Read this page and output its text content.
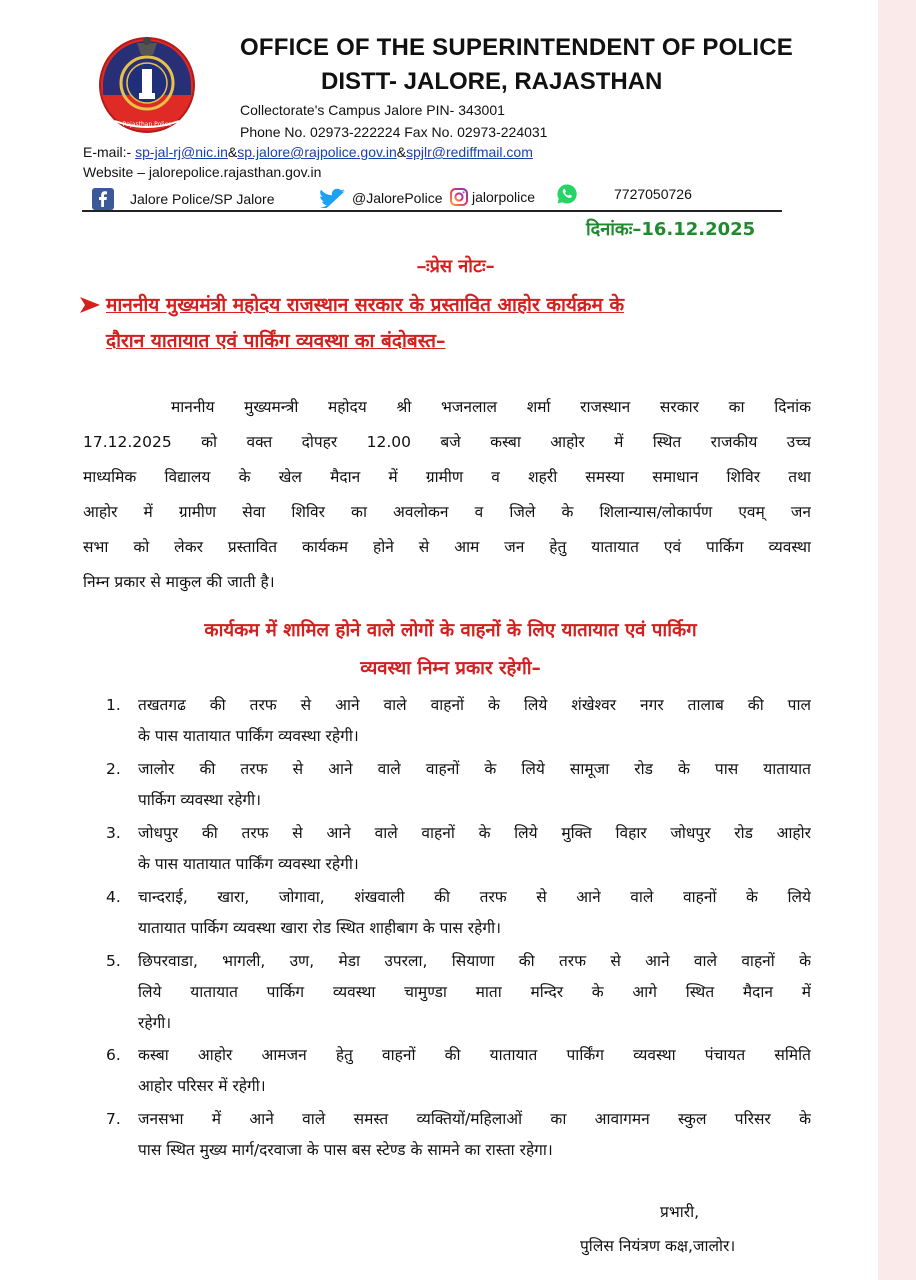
Rajasthan Police
OFFICE OF THE SUPERINTENDENT OF POLICE
DISTT- JALORE, RAJASTHAN
Collectorate's Campus Jalore PIN- 343001
Phone No. 02973-222224 Fax No. 02973-224031
E-mail:- sp-jal-rj@nic.in&sp.jalore@rajpolice.gov.in&spjlr@rediffmail.com
Website – jalorepolice.rajasthan.gov.in
Jalore Police/SP Jalore	@JalorePolice jalorpolice	7727050726
दिनांकः–16.12.2025
–ःप्रेस नोटः–
माननीय मुख्यमंत्री महोदय राजस्थान सरकार के प्रस्तावित आहोर कार्यक्रम के
दौरान यातायात एवं पार्किंग व्यवस्था का बंदोबस्त–
माननीय मुख्यमन्त्री महोदय श्री भजनलाल शर्मा राजस्थान सरकार का दिनांक
17.12.2025 को वक्त दोपहर 12.00 बजे कस्बा आहोर में स्थित राजकीय उच्च
माध्यमिक विद्यालय के खेल मैदान में ग्रामीण व शहरी समस्या समाधान शिविर तथा
आहोर में ग्रामीण सेवा शिविर का अवलोकन व जिले के शिलान्यास/लोकार्पण एवम् जन
सभा को लेकर प्रस्तावित कार्यकम होने से आम जन हेतु यातायात एवं पार्किग व्यवस्था
निम्न प्रकार से माकुल की जाती है।
कार्यकम में शामिल होने वाले लोगों के वाहनों के लिए यातायात एवं पार्किग
व्यवस्था निम्न प्रकार रहेगी–
1.	तखतगढ की तरफ से आने वाले वाहनों के लिये शंखेश्वर नगर तालाब की पाल
के पास यातायात पार्किंग व्यवस्था रहेगी।
2.	जालोर की तरफ से आने वाले वाहनों के लिये सामूजा रोड के पास यातायात
पार्किग व्यवस्था रहेगी।
3.	जोधपुर की तरफ से आने वाले वाहनों के लिये मुक्ति विहार जोधपुर रोड आहोर
के पास यातायात पार्किंग व्यवस्था रहेगी।
4.	चान्दराई, खारा, जोगावा, शंखवाली की तरफ से आने वाले वाहनों के लिये
यातायात पार्किग व्यवस्था खारा रोड स्थित शाहीबाग के पास रहेगी।
5.	छिपरवाडा, भागली, उण, मेडा उपरला, सियाणा की तरफ से आने वाले वाहनों के
लिये यातायात पार्किग व्यवस्था चामुण्डा माता मन्दिर के आगे स्थित मैदान में
रहेगी।
6.	कस्बा आहोर आमजन हेतु वाहनों की यातायात पार्किंग व्यवस्था पंचायत समिति
आहोर परिसर में रहेगी।
7.	जनसभा में आने वाले समस्त व्यक्तियों/महिलाओं का आवागमन स्कुल परिसर के
पास स्थित मुख्य मार्ग/दरवाजा के पास बस स्टेण्ड के सामने का रास्ता रहेगा।
प्रभारी,
पुलिस नियंत्रण कक्ष,जालोर।
